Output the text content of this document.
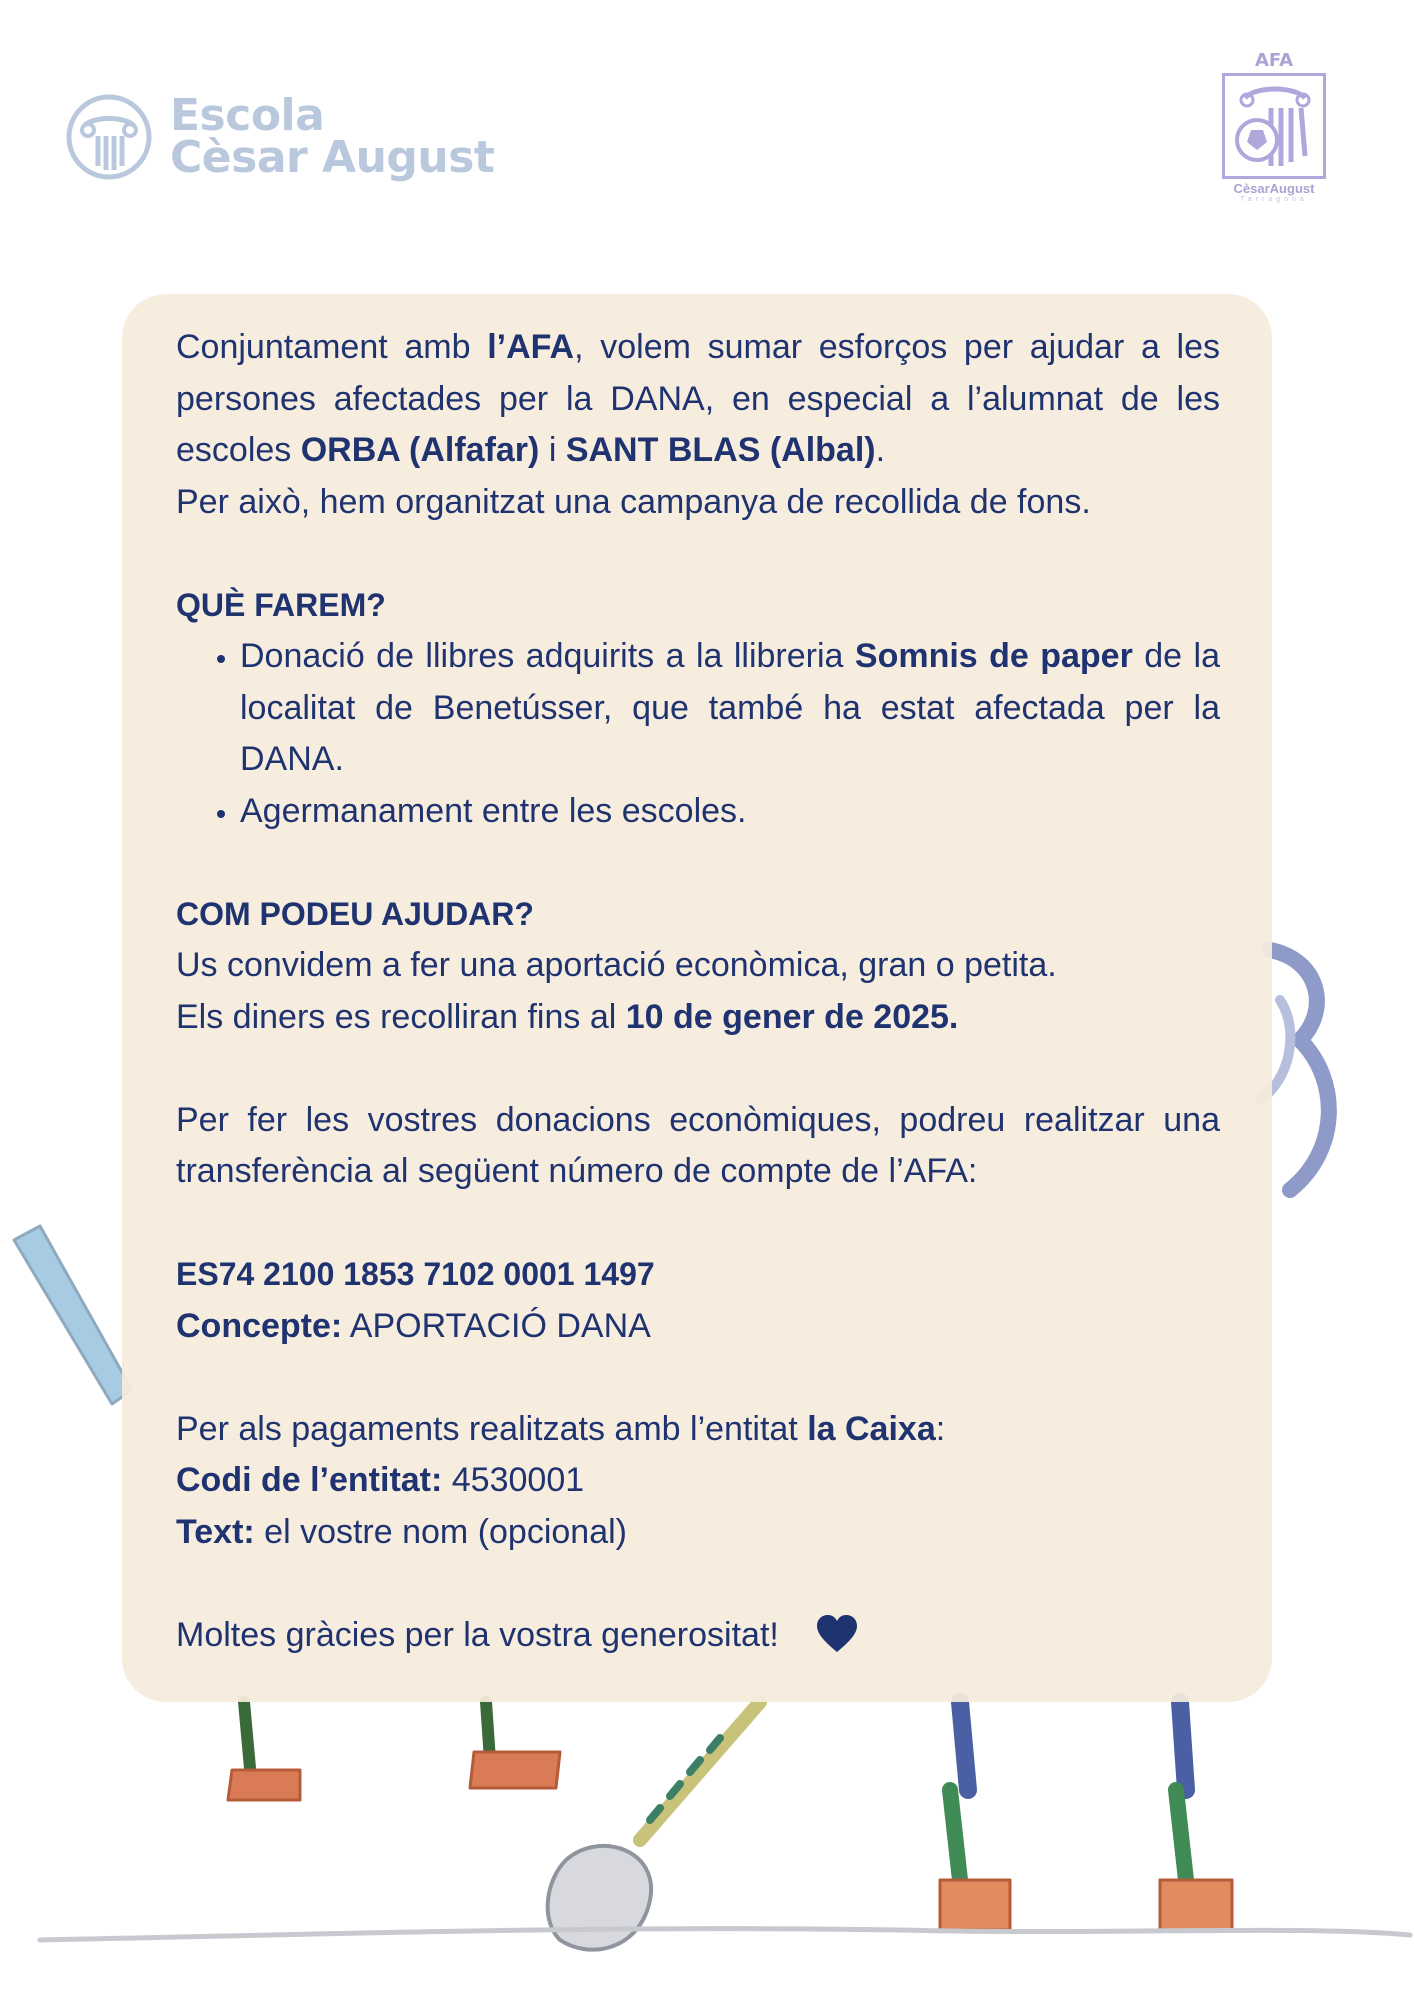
Escola
Cèsar August
AFA
CèsarAugust
Tarragona

Conjuntament amb l’AFA, volem sumar esforços per ajudar a les persones afectades per la DANA, en especial a l’alumnat de les escoles ORBA (Alfafar) i SANT BLAS (Albal).

Per això, hem organitzat una campanya de recollida de fons.

QUÈ FAREM?

• Donació de llibres adquirits a la llibreria Somnis de paper de la localitat de Benetússer, que també ha estat afectada per la DANA.
• Agermanament entre les escoles.

COM PODEU AJUDAR?

Us convidem a fer una aportació econòmica, gran o petita.

Els diners es recolliran fins al 10 de gener de 2025.

Per fer les vostres donacions econòmiques, podreu realitzar una transferència al següent número de compte de l’AFA:

ES74 2100 1853 7102 0001 1497

Concepte: APORTACIÓ DANA

Per als pagaments realitzats amb l’entitat la Caixa:

Codi de l’entitat: 4530001

Text: el vostre nom (opcional)

Moltes gràcies per la vostra generositat!
